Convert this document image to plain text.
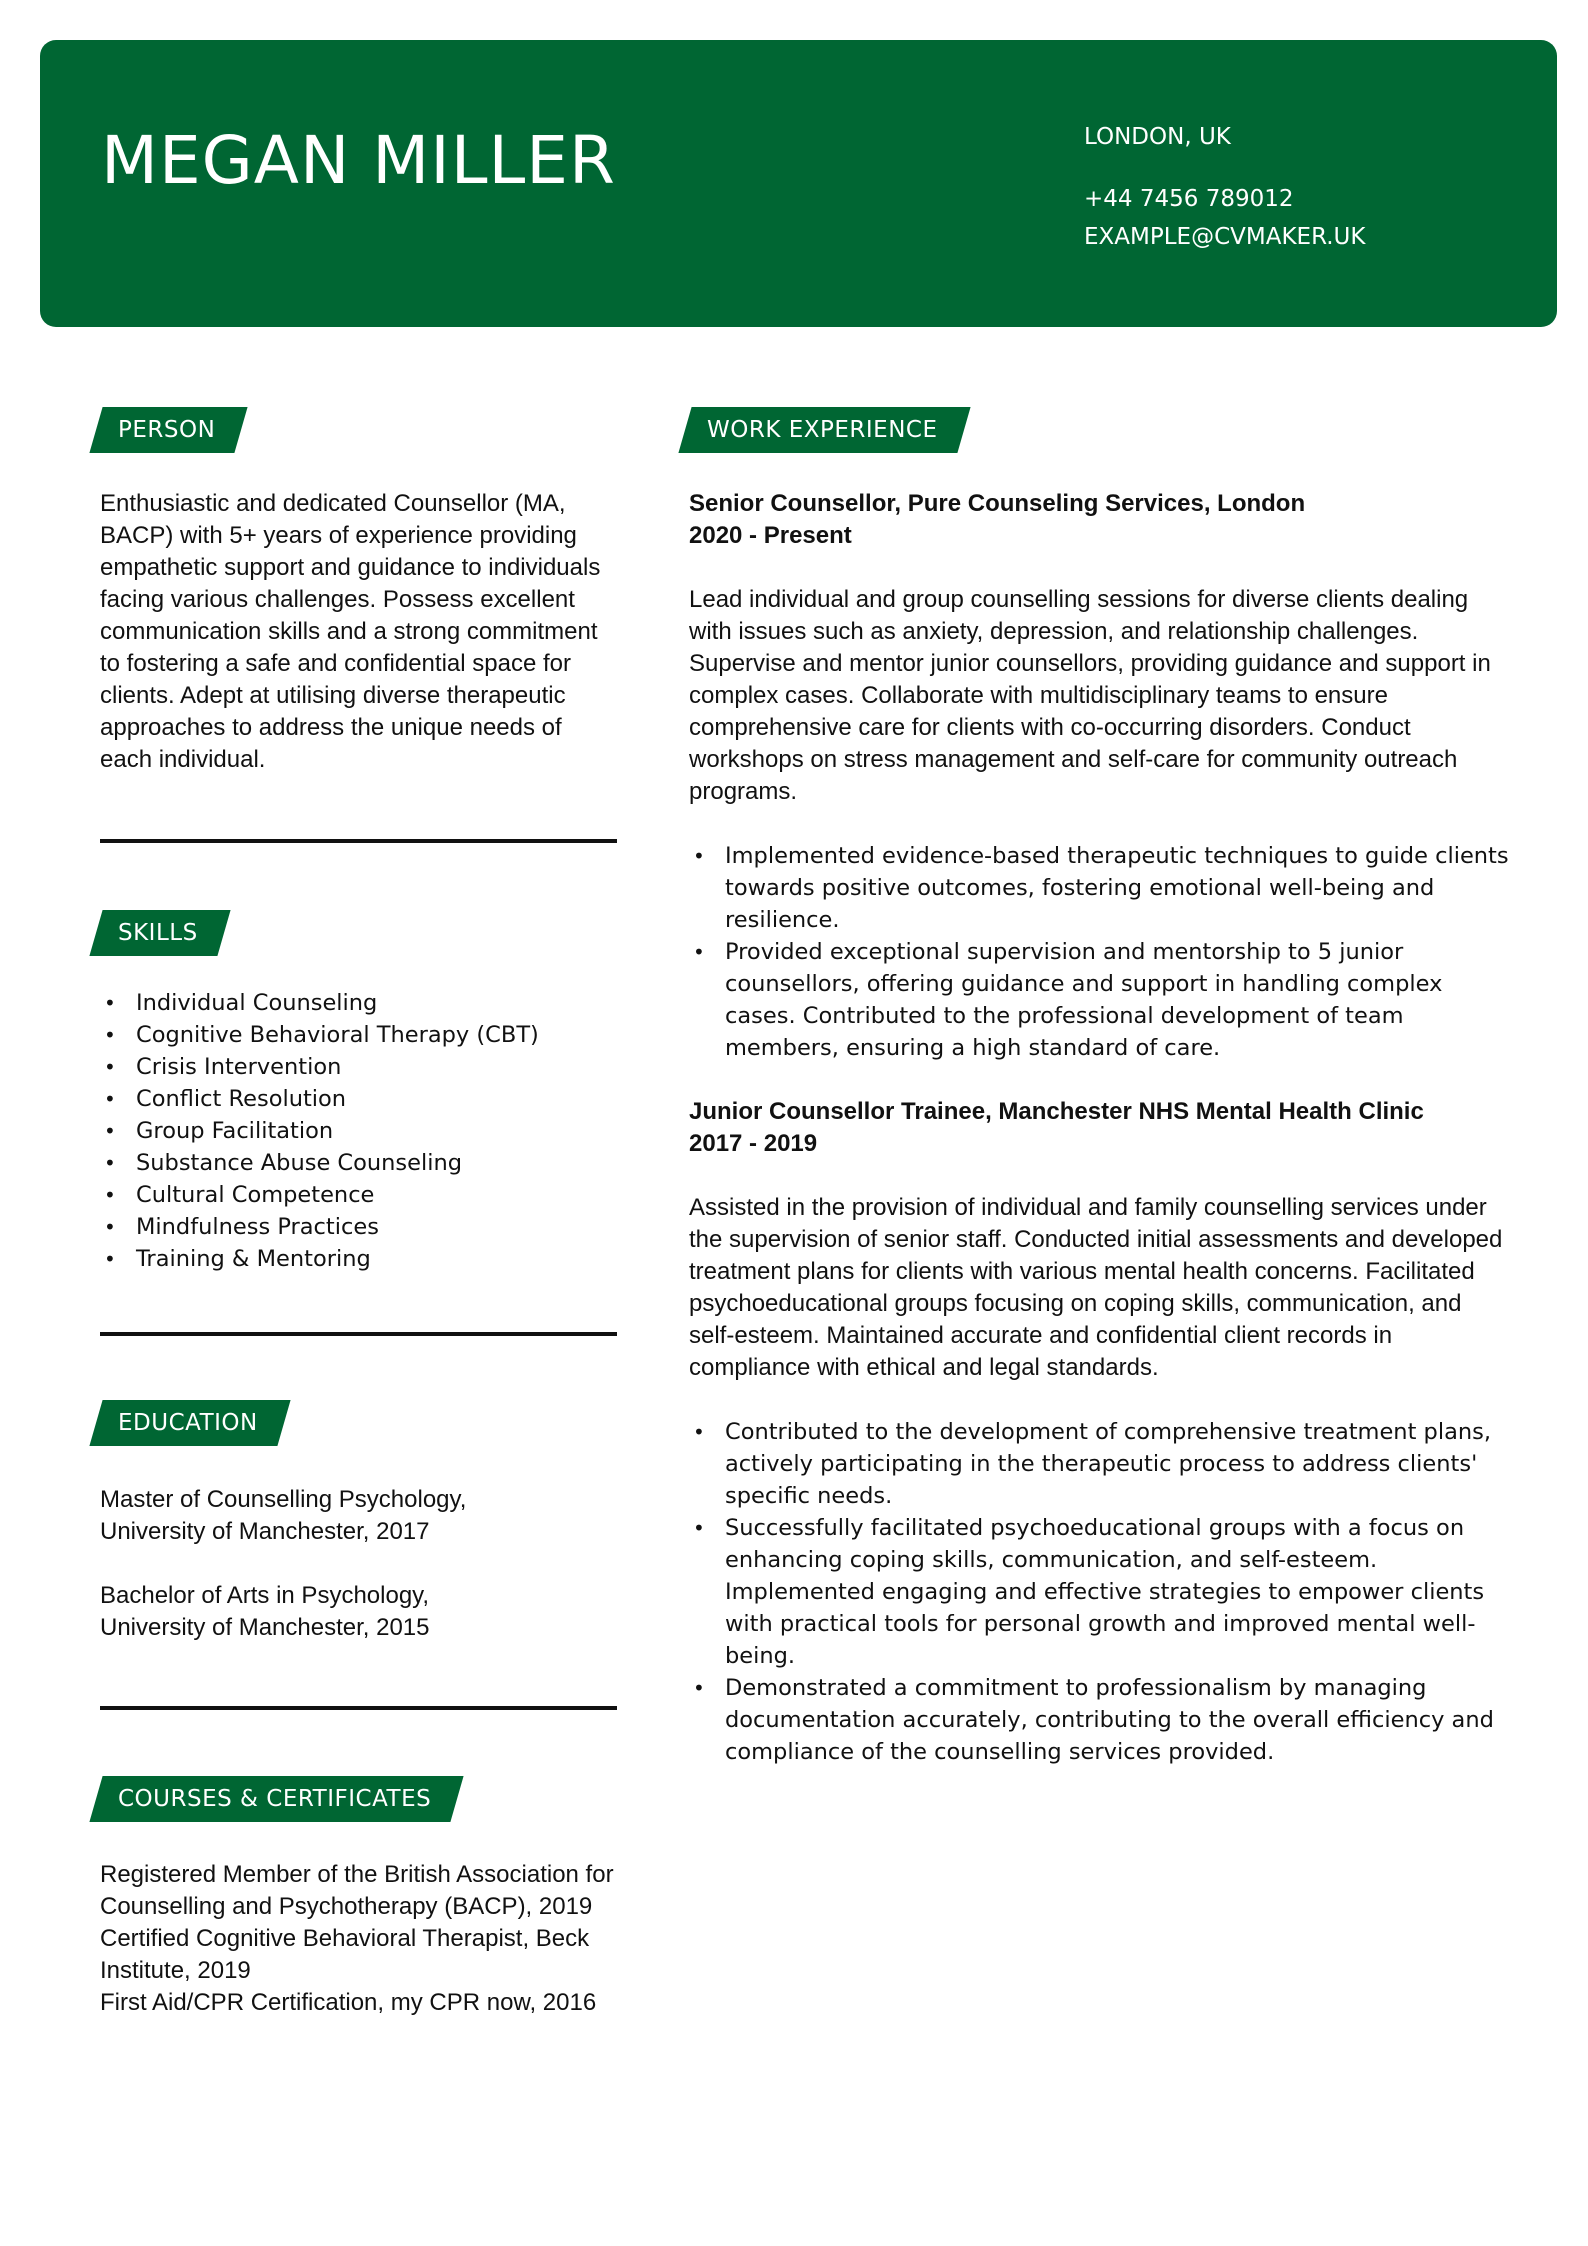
MEGAN MILLER	LONDON, UK
+44 7456 789012
EXAMPLE@CVMAKER.UK
PERSON

Enthusiastic and dedicated Counsellor (MA, BACP) with 5+ years of experience providing empathetic support and guidance to individuals facing various challenges. Possess excellent communication skills and a strong commitment to fostering a safe and confidential space for clients. Adept at utilising diverse therapeutic approaches to address the unique needs of each individual.

SKILLS
• Individual Counseling
• Cognitive Behavioral Therapy (CBT)
• Crisis Intervention
• Conflict Resolution
• Group Facilitation
• Substance Abuse Counseling
• Cultural Competence
• Mindfulness Practices
• Training & Mentoring
EDUCATION

Master of Counselling Psychology, University of Manchester, 2017

Bachelor of Arts in Psychology, University of Manchester, 2015

COURSES & CERTIFICATES

Registered Member of the British Association for Counselling and Psychotherapy (BACP), 2019

Certified Cognitive Behavioral Therapist, Beck Institute, 2019

First Aid/CPR Certification, my CPR now, 2016

WORK EXPERIENCE

Senior Counsellor, Pure Counseling Services, London

2020 - Present

Lead individual and group counselling sessions for diverse clients dealing with issues such as anxiety, depression, and relationship challenges. Supervise and mentor junior counsellors, providing guidance and support in complex cases. Collaborate with multidisciplinary teams to ensure comprehensive care for clients with co-occurring disorders. Conduct workshops on stress management and self-care for community outreach programs.

• Implemented evidence-based therapeutic techniques to guide clients towards positive outcomes, fostering emotional well-being and resilience.
• Provided exceptional supervision and mentorship to 5 junior counsellors, offering guidance and support in handling complex cases. Contributed to the professional development of team members, ensuring a high standard of care.

Junior Counsellor Trainee, Manchester NHS Mental Health Clinic

2017 - 2019

Assisted in the provision of individual and family counselling services under the supervision of senior staff. Conducted initial assessments and developed treatment plans for clients with various mental health concerns. Facilitated psychoeducational groups focusing on coping skills, communication, and self-esteem. Maintained accurate and confidential client records in compliance with ethical and legal standards.

• Contributed to the development of comprehensive treatment plans, actively participating in the therapeutic process to address clients' specific needs.
• Successfully facilitated psychoeducational groups with a focus on enhancing coping skills, communication, and self-esteem. Implemented engaging and effective strategies to empower clients with practical tools for personal growth and improved mental well-being.
• Demonstrated a commitment to professionalism by managing documentation accurately, contributing to the overall efficiency and compliance of the counselling services provided.
